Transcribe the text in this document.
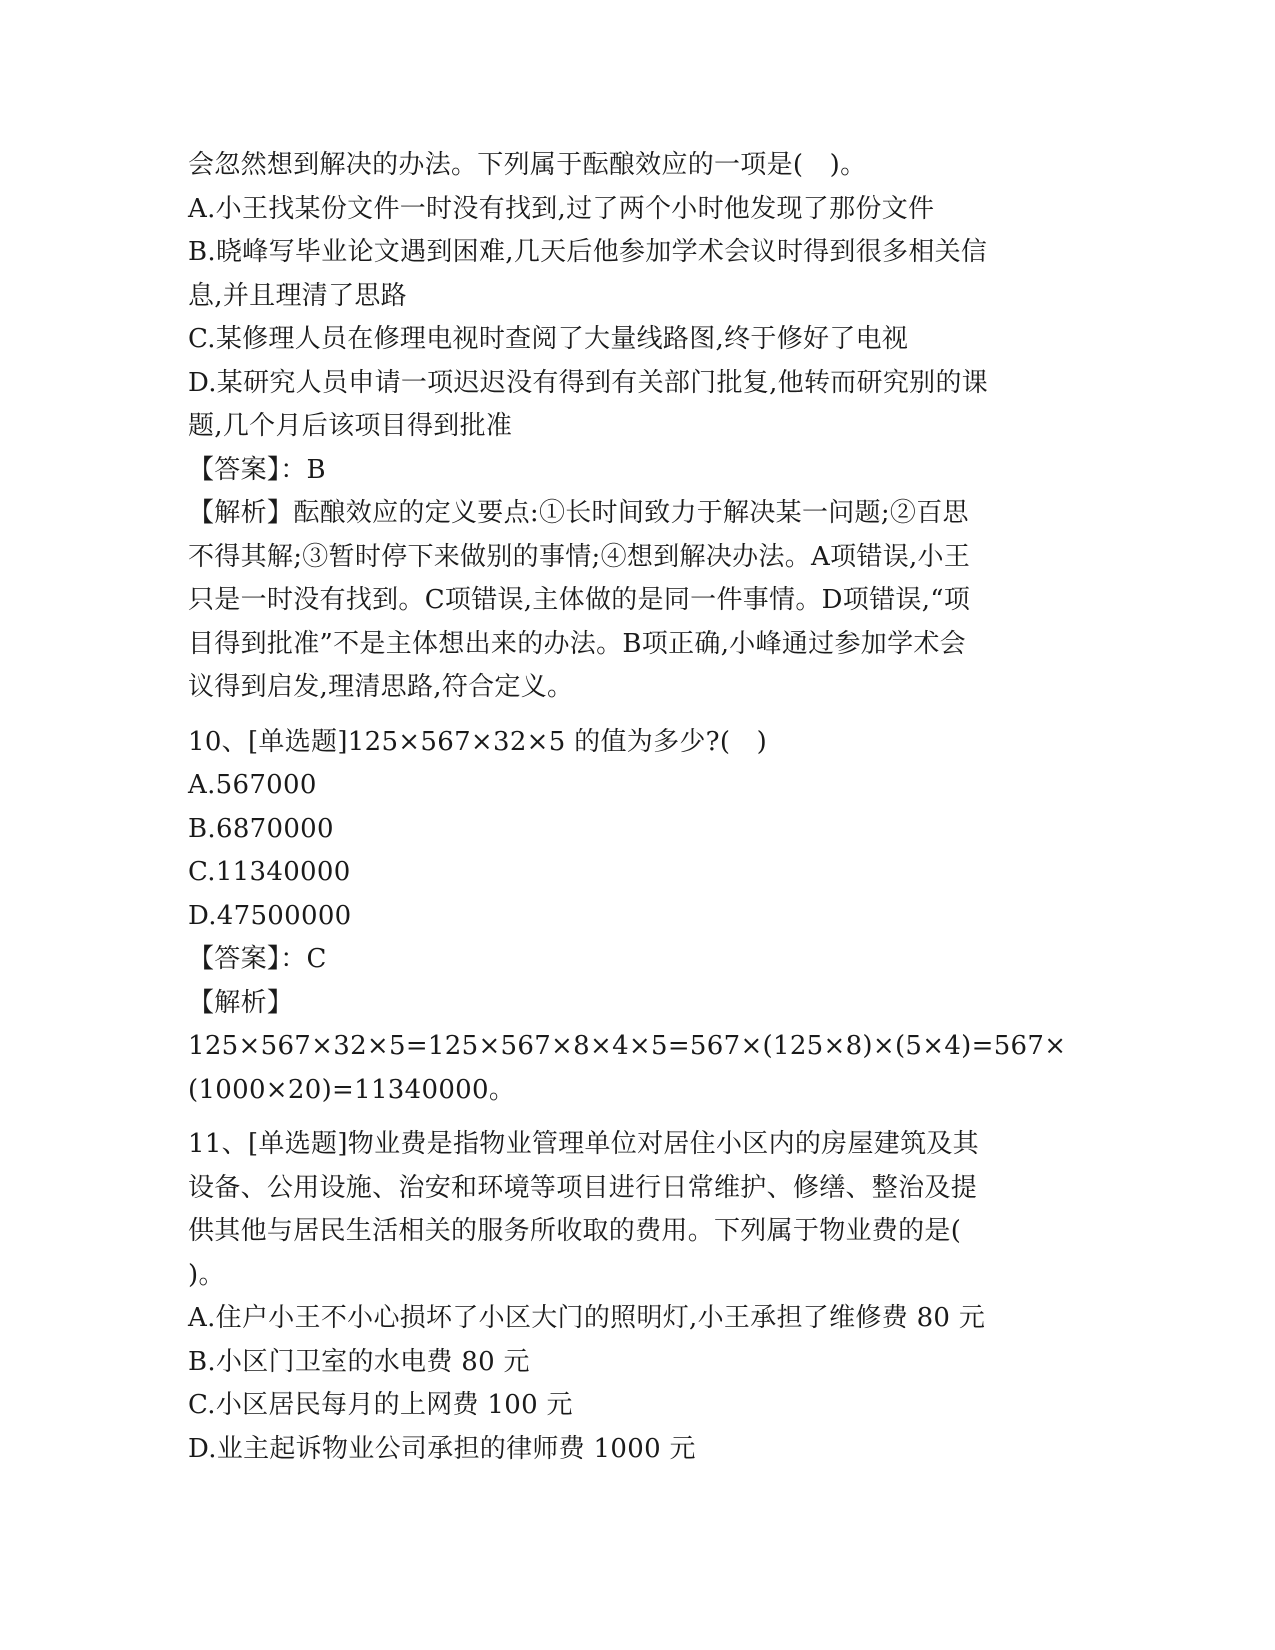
会忽然想到解决的办法。下列属于酝酿效应的一项是(　)。
A.小王找某份文件一时没有找到,过了两个小时他发现了那份文件
B.晓峰写毕业论文遇到困难,几天后他参加学术会议时得到很多相关信
息,并且理清了思路
C.某修理人员在修理电视时查阅了大量线路图,终于修好了电视
D.某研究人员申请一项迟迟没有得到有关部门批复,他转而研究别的课
题,几个月后该项目得到批准
【答案】：B
【解析】酝酿效应的定义要点:①长时间致力于解决某一问题;②百思
不得其解;③暂时停下来做别的事情;④想到解决办法。A项错误,小王
只是一时没有找到。C项错误,主体做的是同一件事情。D项错误,“项
目得到批准”不是主体想出来的办法。B项正确,小峰通过参加学术会
议得到启发,理清思路,符合定义。
10、[单选题]125×567×32×5 的值为多少?(　)
A.567000
B.6870000
C.11340000
D.47500000
【答案】：C
【解析】
125×567×32×5=125×567×8×4×5=567×(125×8)×(5×4)=567×
(1000×20)=11340000。
11、[单选题]物业费是指物业管理单位对居住小区内的房屋建筑及其
设备、公用设施、治安和环境等项目进行日常维护、修缮、整治及提
供其他与居民生活相关的服务所收取的费用。下列属于物业费的是(
)。
A.住户小王不小心损坏了小区大门的照明灯,小王承担了维修费 80 元
B.小区门卫室的水电费 80 元
C.小区居民每月的上网费 100 元
D.业主起诉物业公司承担的律师费 1000 元
